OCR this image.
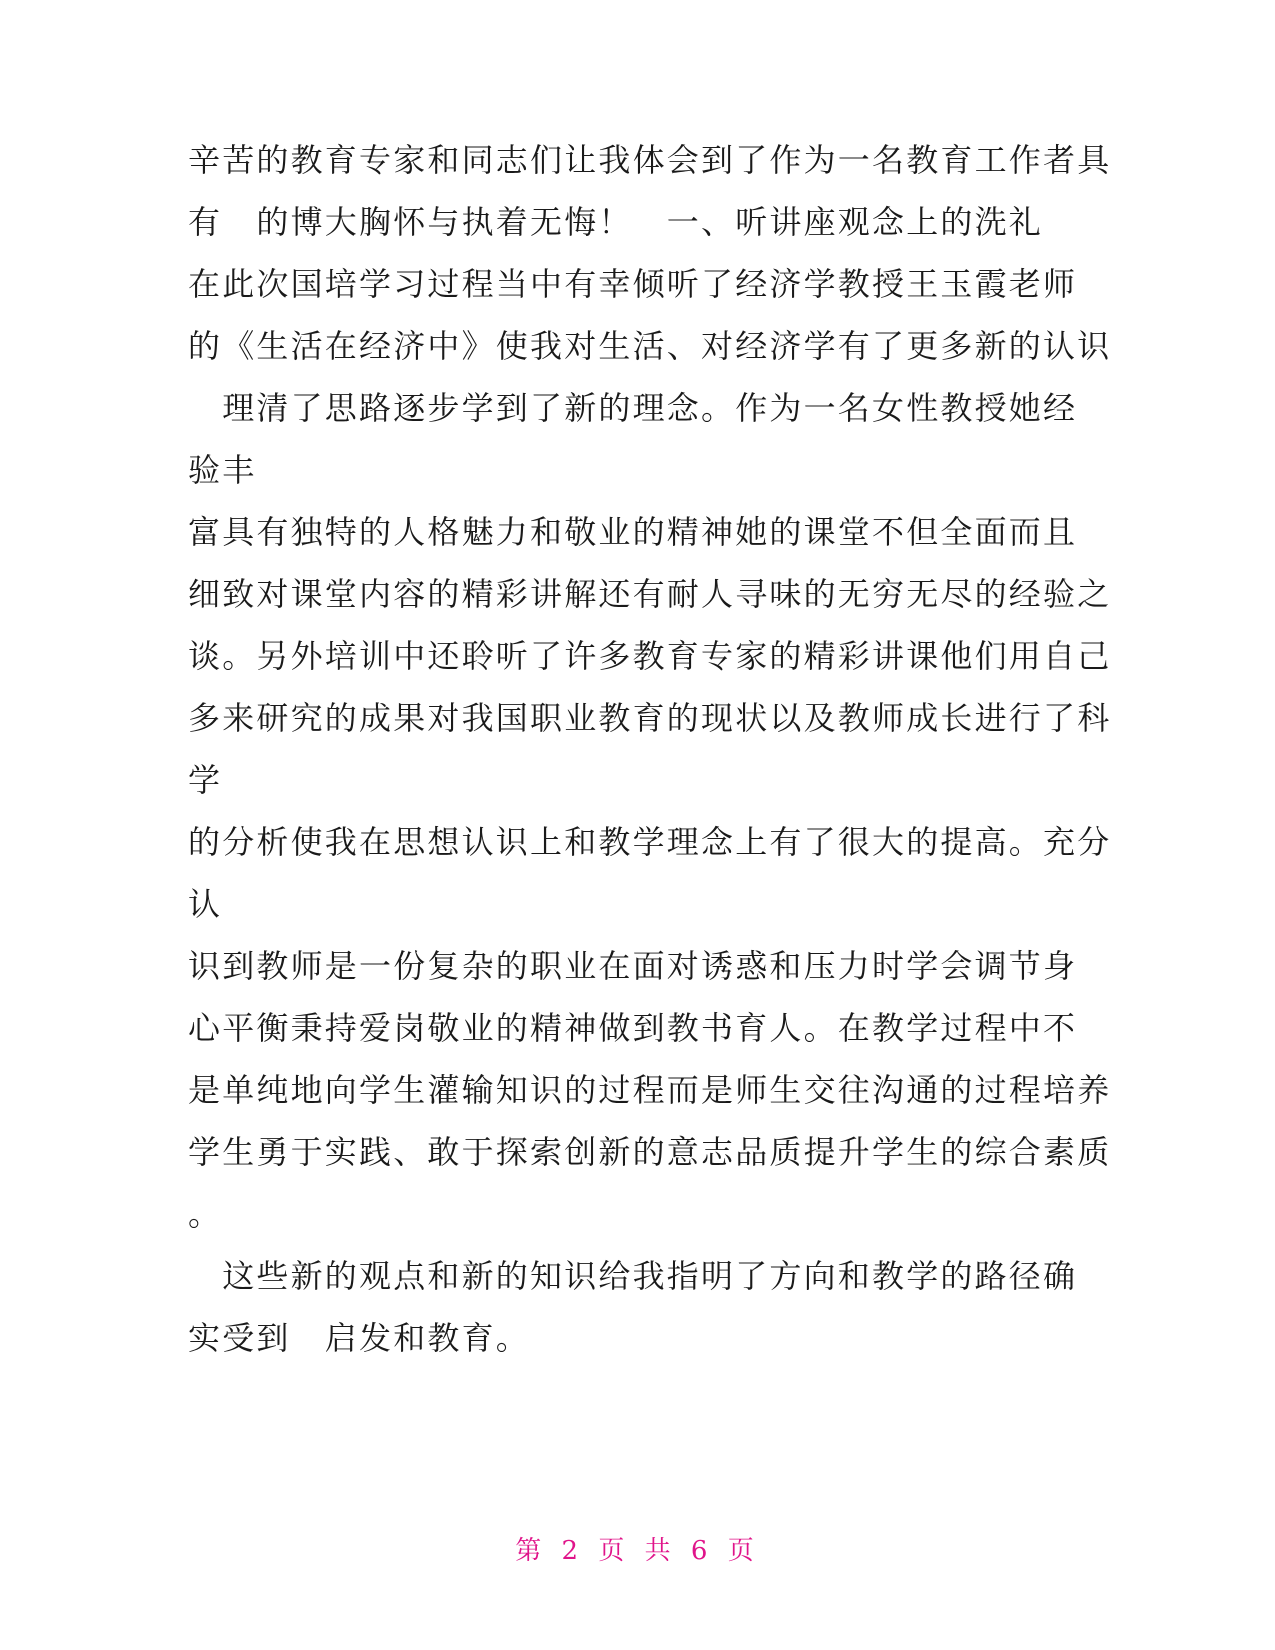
辛苦的教育专家和同志们让我体会到了作为一名教育工作者具
有　的博大胸怀与执着无悔！　一、听讲座观念上的洗礼
在此次国培学习过程当中有幸倾听了经济学教授王玉霞老师
的《生活在经济中》使我对生活、对经济学有了更多新的认识
　理清了思路逐步学到了新的理念。作为一名女性教授她经
验丰
富具有独特的人格魅力和敬业的精神她的课堂不但全面而且
细致对课堂内容的精彩讲解还有耐人寻味的无穷无尽的经验之
谈。另外培训中还聆听了许多教育专家的精彩讲课他们用自己
多来研究的成果对我国职业教育的现状以及教师成长进行了科
学
的分析使我在思想认识上和教学理念上有了很大的提高。充分
认
识到教师是一份复杂的职业在面对诱惑和压力时学会调节身
心平衡秉持爱岗敬业的精神做到教书育人。在教学过程中不
是单纯地向学生灌输知识的过程而是师生交往沟通的过程培养
学生勇于实践、敢于探索创新的意志品质提升学生的综合素质
。
　这些新的观点和新的知识给我指明了方向和教学的路径确
实受到　启发和教育。
第 2 页 共 6 页
